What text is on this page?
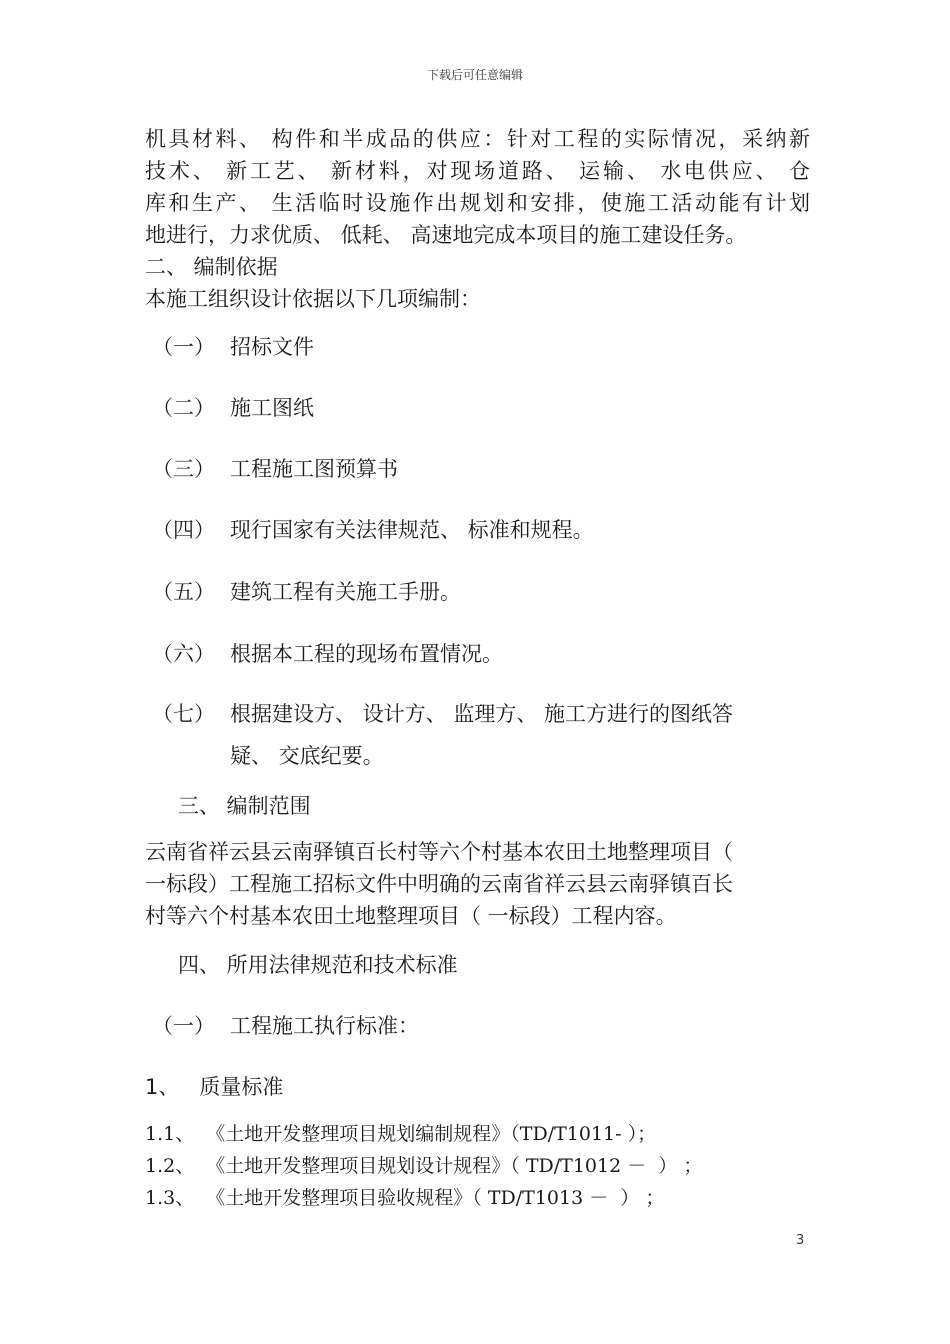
下载后可任意编辑
机具材料、 构件和半成品的供应：针对工程的实际情况，采纳新
技术、 新工艺、 新材料，对现场道路、 运输、 水电供应、 仓
库和生产、 生活临时设施作出规划和安排，使施工活动能有计划
地进行，力求优质、 低耗、 高速地完成本项目的施工建设任务。
二、 编制依据
本施工组织设计依据以下几项编制：
（一） 招标文件
（二） 施工图纸
（三） 工程施工图预算书
（四） 现行国家有关法律规范、 标准和规程。
（五） 建筑工程有关施工手册。
（六） 根据本工程的现场布置情况。
（七） 根据建设方、 设计方、 监理方、 施工方进行的图纸答
疑、 交底纪要。
三、 编制范围
云南省祥云县云南驿镇百长村等六个村基本农田土地整理项目（
一标段）工程施工招标文件中明确的云南省祥云县云南驿镇百长
村等六个村基本农田土地整理项目（ 一标段）工程内容。
四、 所用法律规范和技术标准
（一） 工程施工执行标准：
1、   质量标准
1.1、  《土地开发整理项目规划编制规程》（TD/T1011- ）；
1.2、  《土地开发整理项目规划设计规程》（ TD/T1012 －  ） ；
1.3、  《土地开发整理项目验收规程》（ TD/T1013 －  ） ；
3
